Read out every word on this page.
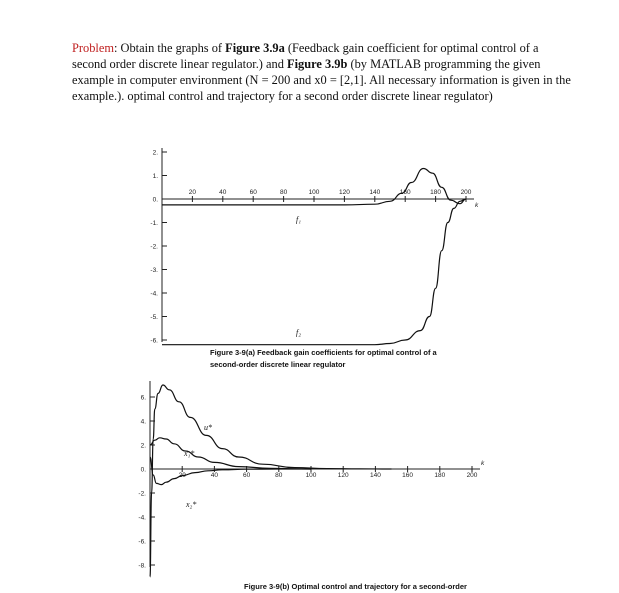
Problem: Obtain the graphs of Figure 3.9a (Feedback gain coefficient for optimal control of a second order discrete linear regulator.) and Figure 3.9b (by MATLAB programming the given example in computer environment (N = 200 and x0 = [2,1]. All necessary information is given in the example.). optimal control and trajectory for a second order discrete linear regulator)
2.
1.
0.
-1.
-2.
-3.
-4.
-5.
-6.
20	40	60	80	100	120	140	160	180	200
k
f₁
f₂
Figure 3-9(a) Feedback gain coefficients for optimal control of a
second-order discrete linear regulator
6.
4.
2.
0.
-2.
-4.
-6.
-8.
20	40	60	80	100	120	140	160	180	200
k
u*
x₁*
x₂*
Figure 3-9(b) Optimal control and trajectory for a second-order
